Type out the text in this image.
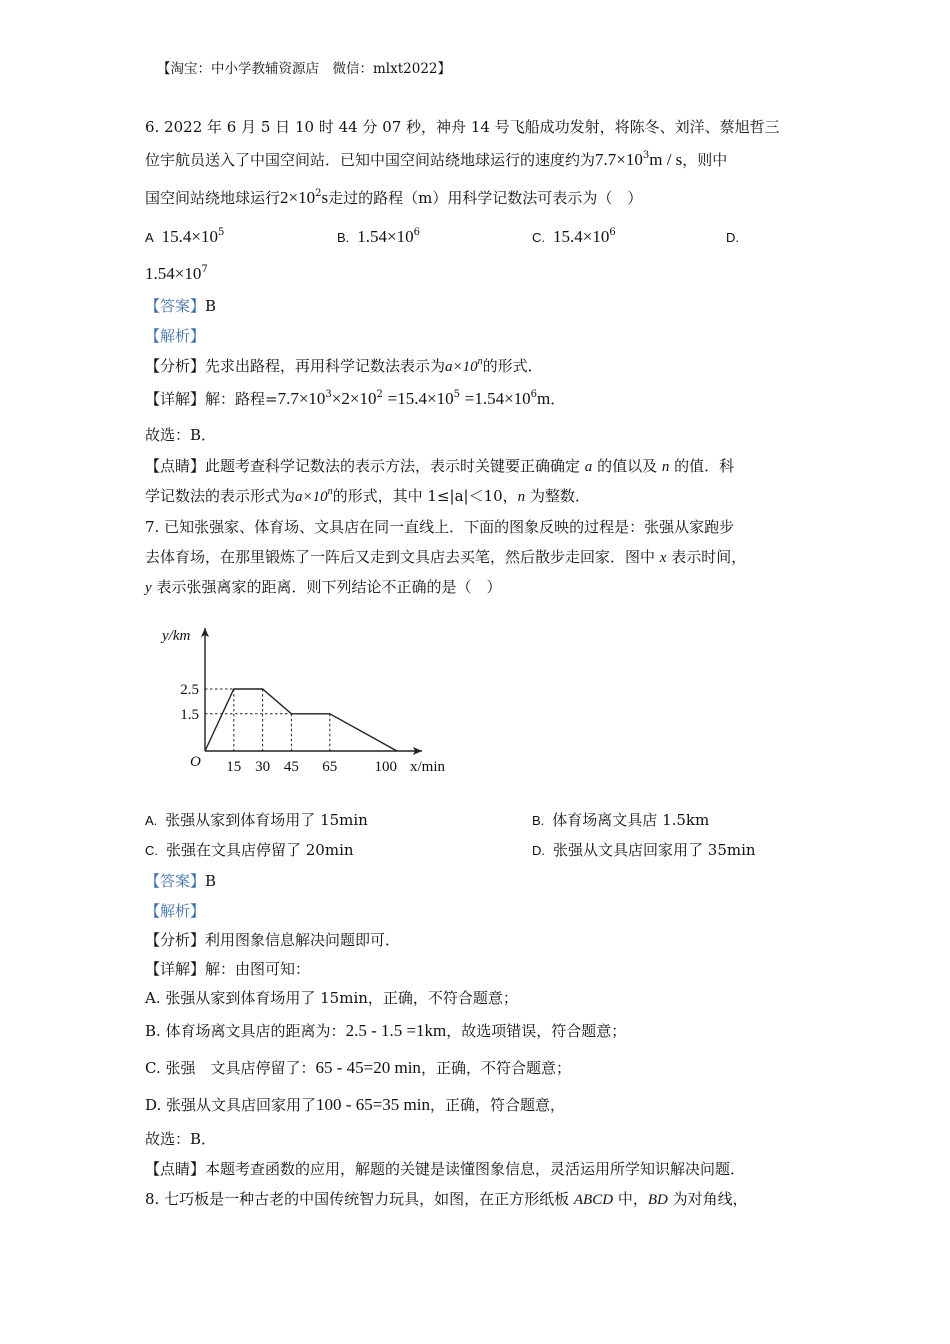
【淘宝：中小学教辅资源店　微信：mlxt2022】
6. 2022 年 6 月 5 日 10 时 44 分 07 秒，神舟 14 号飞船成功发射，将陈冬、刘洋、蔡旭哲三
位宇航员送入了中国空间站．已知中国空间站绕地球运行的速度约为$7.7\times 10^3m / s$，则中
国空间站绕地球运行$2\times 10^2s$走过的路程（m）用科学记数法可表示为（　）
A $15.4\times 10^5$	B. $1.54\times 10^6$	C. $15.4\times 10^6$	D.
$1.54\times 10^7$
【答案】B
【解析】
【分析】先求出路程，再用科学记数法表示为$a\times 10^n$的形式．
【详解】解：路程$=7.7\times 10^3\times 2\times 10^2 =15.4\times 10^5 =1.54\times 10^6m$．
故选：B．
【点睛】此题考查科学记数法的表示方法，表示时关键要正确确定 a 的值以及 n 的值．科
学记数法的表示形式为$a\times 10^n$的形式，其中 1≤|a|＜10，n 为整数．
7. 已知张强家、体育场、文具店在同一直线上．下面的图象反映的过程是：张强从家跑步
去体育场，在那里锻炼了一阵后又走到文具店去买笔，然后散步走回家．图中 x 表示时间，
y 表示张强离家的距离．则下列结论不正确的是（　）
y/km
x/min
O
2.5
1.5
15 30 45 65 100
A. 张强从家到体育场用了 15min	B. 体育场离文具店 1.5km
C. 张强在文具店停留了 20min	D. 张强从文具店回家用了 35min
【答案】B
【解析】
【分析】利用图象信息解决问题即可．
【详解】解：由图可知：
A. 张强从家到体育场用了 15min，正确，不符合题意；
B. 体育场离文具店的距离为：2.5 - 1.5 =1km，故选项错误，符合题意；
C. 张强　文具店停留了：65 - 45=20 min，正确，不符合题意；
D. 张强从文具店回家用了100 - 65=35 min，正确，符合题意，
故选：B．
【点睛】本题考查函数的应用，解题的关键是读懂图象信息，灵活运用所学知识解决问题．
8. 七巧板是一种古老的中国传统智力玩具，如图，在正方形纸板 ABCD 中，BD 为对角线，
